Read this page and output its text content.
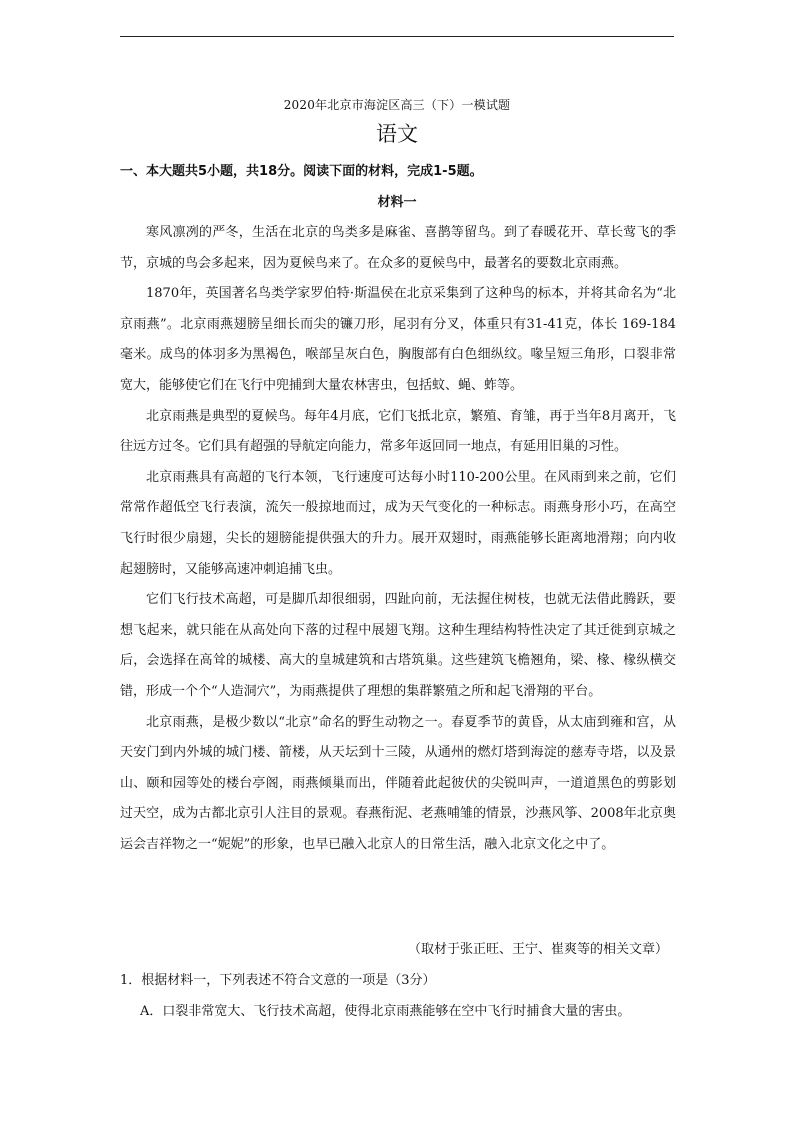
2020年北京市海淀区高三（下）一模试题
语文
一、本大题共5小题，共18分。阅读下面的材料，完成1-5题。
材料一

寒风凛冽的严冬，生活在北京的鸟类多是麻雀、喜鹊等留鸟。到了春暖花开、草长莺飞的季节，京城的鸟会多起来，因为夏候鸟来了。在众多的夏候鸟中，最著名的要数北京雨燕。

1870年，英国著名鸟类学家罗伯特·斯温侯在北京采集到了这种鸟的标本，并将其命名为“北京雨燕”。北京雨燕翅膀呈细长而尖的镰刀形，尾羽有分叉，体重只有31-41克，体长 169-184毫米。成鸟的体羽多为黑褐色，喉部呈灰白色，胸腹部有白色细纵纹。喙呈短三角形，口裂非常宽大，能够使它们在飞行中兜捕到大量农林害虫，包括蚊、蝇、蚱等。

北京雨燕是典型的夏候鸟。每年4月底，它们飞抵北京，繁殖、育雏，再于当年8月离开，飞往远方过冬。它们具有超强的导航定向能力，常多年返回同一地点，有延用旧巢的习性。

北京雨燕具有高超的飞行本领，飞行速度可达每小时110-200公里。在风雨到来之前，它们常常作超低空飞行表演，流矢一般掠地而过，成为天气变化的一种标志。雨燕身形小巧，在高空飞行时很少扇翅，尖长的翅膀能提供强大的升力。展开双翅时，雨燕能够长距离地滑翔；向内收起翅膀时，又能够高速冲刺追捕飞虫。

它们飞行技术高超，可是脚爪却很细弱，四趾向前，无法握住树枝，也就无法借此腾跃，要想飞起来，就只能在从高处向下落的过程中展翅飞翔。这种生理结构特性决定了其迁徙到京城之后，会选择在高耸的城楼、高大的皇城建筑和古塔筑巢。这些建筑飞檐翘角，梁、椽、椽纵横交错，形成一个个“人造洞穴”，为雨燕提供了理想的集群繁殖之所和起飞滑翔的平台。

北京雨燕，是极少数以“北京”命名的野生动物之一。春夏季节的黄昏，从太庙到雍和宫，从天安门到内外城的城门楼、箭楼，从天坛到十三陵，从通州的燃灯塔到海淀的慈寿寺塔，以及景山、颐和园等处的楼台亭阁，雨燕倾巢而出，伴随着此起彼伏的尖锐叫声，一道道黑色的剪影划过天空，成为古都北京引人注目的景观。春燕衔泥、老燕哺雏的情景，沙燕风筝、2008年北京奥运会吉祥物之一“妮妮”的形象，也早已融入北京人的日常生活，融入北京文化之中了。

（取材于张正旺、王宁、崔爽等的相关文章）
1．根据材料一，下列表述不符合文意的一项是（3分）
A．口裂非常宽大、飞行技术高超，使得北京雨燕能够在空中飞行时捕食大量的害虫。
